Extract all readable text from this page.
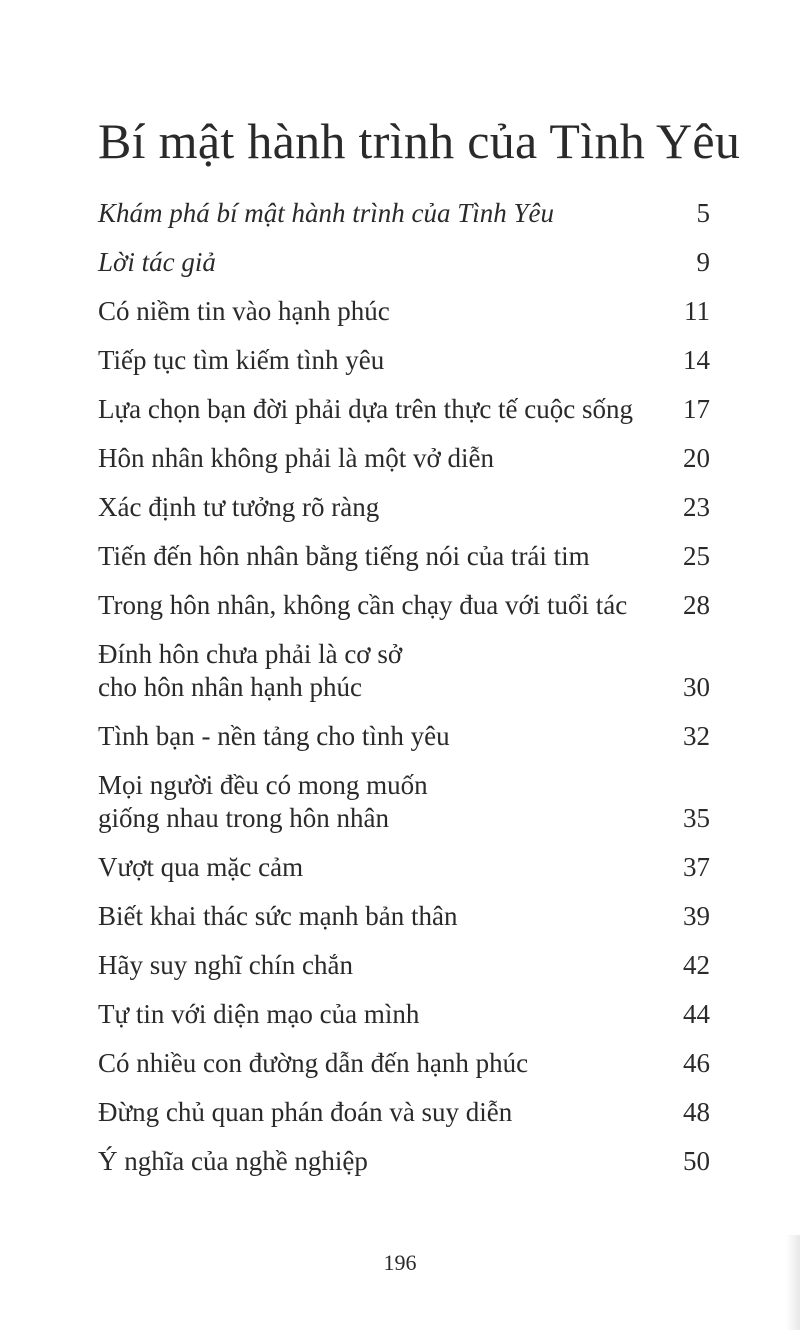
Bí mật hành trình của Tình Yêu
Khám phá bí mật hành trình của Tình Yêu	5
Lời tác giả	9
Có niềm tin vào hạnh phúc	11
Tiếp tục tìm kiếm tình yêu	14
Lựa chọn bạn đời phải dựa trên thực tế cuộc sống 17
Hôn nhân không phải là một vở diễn	20
Xác định tư tưởng rõ ràng	23
Tiến đến hôn nhân bằng tiếng nói của trái tim	25
Trong hôn nhân, không cần chạy đua với tuổi tác 28
Đính hôn chưa phải là cơ sở
cho hôn nhân hạnh phúc	30
Tình bạn - nền tảng cho tình yêu	32
Mọi người đều có mong muốn
giống nhau trong hôn nhân	35
Vượt qua mặc cảm	37
Biết khai thác sức mạnh bản thân	39
Hãy suy nghĩ chín chắn	42
Tự tin với diện mạo của mình	44
Có nhiều con đường dẫn đến hạnh phúc	46
Đừng chủ quan phán đoán và suy diễn	48
Ý nghĩa của nghề nghiệp	50
196
